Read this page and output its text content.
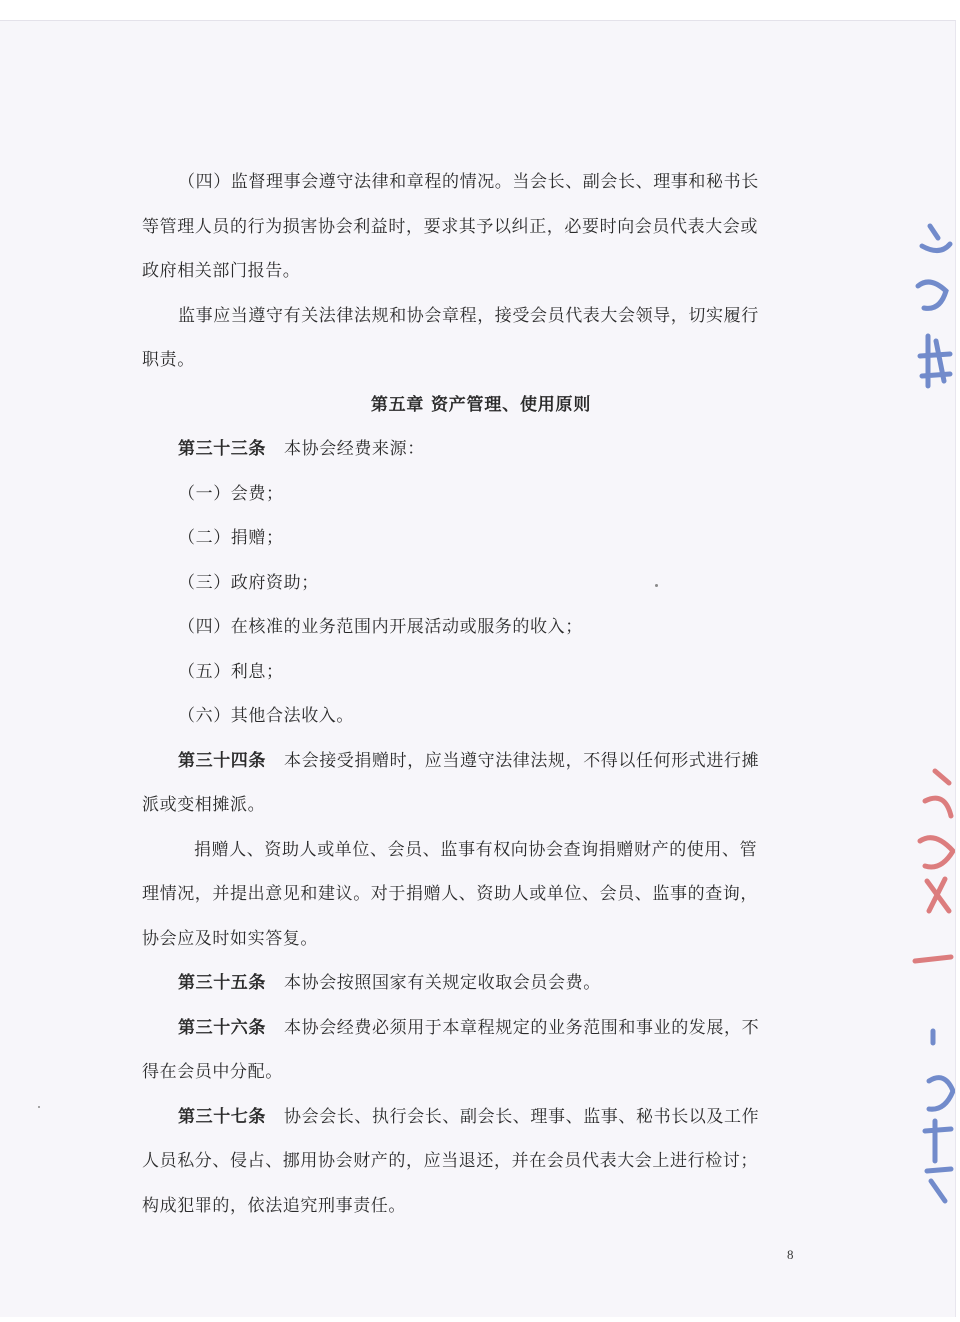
（四）监督理事会遵守法律和章程的情况。当会长、副会长、理事和秘书长
等管理人员的行为损害协会利益时，要求其予以纠正，必要时向会员代表大会或
政府相关部门报告。
监事应当遵守有关法律法规和协会章程，接受会员代表大会领导，切实履行
职责。
第五章 资产管理、使用原则
第三十三条 本协会经费来源：
（一）会费；
（二）捐赠；
（三）政府资助；
（四）在核准的业务范围内开展活动或服务的收入；
（五）利息；
（六）其他合法收入。
第三十四条 本会接受捐赠时，应当遵守法律法规，不得以任何形式进行摊
派或变相摊派。
捐赠人、资助人或单位、会员、监事有权向协会查询捐赠财产的使用、管
理情况，并提出意见和建议。对于捐赠人、资助人或单位、会员、监事的查询，
协会应及时如实答复。
第三十五条 本协会按照国家有关规定收取会员会费。
第三十六条 本协会经费必须用于本章程规定的业务范围和事业的发展，不
得在会员中分配。
第三十七条 协会会长、执行会长、副会长、理事、监事、秘书长以及工作
人员私分、侵占、挪用协会财产的，应当退还，并在会员代表大会上进行检讨；
构成犯罪的，依法追究刑事责任。
8
